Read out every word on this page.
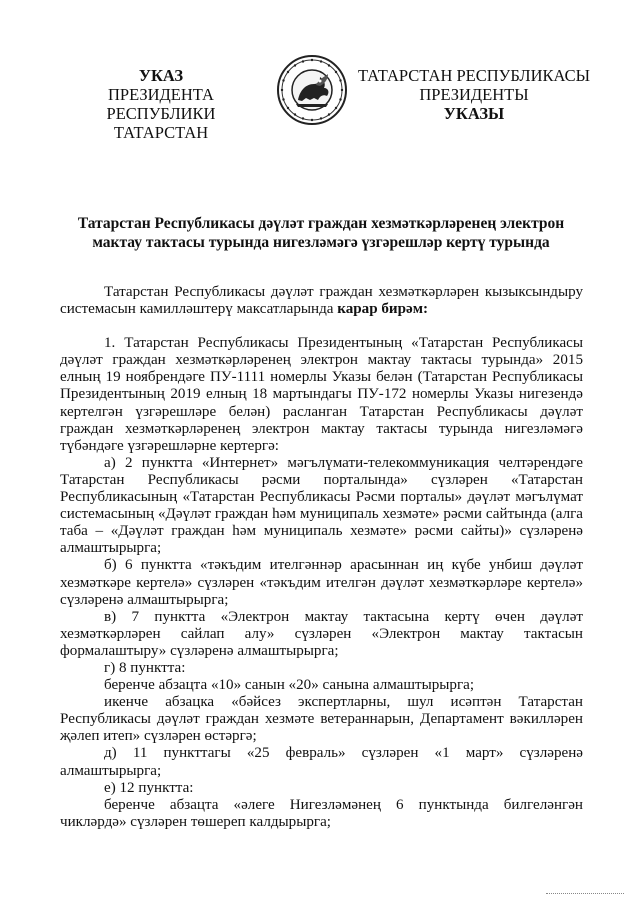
УКАЗ
ПРЕЗИДЕНТА
РЕСПУБЛИКИ ТАТАРСТАН
ТАТАРСТАН РЕСПУБЛИКАСЫ
ПРЕЗИДЕНТЫ
УКАЗЫ
Татарстан Республикасы дәүләт граждан хезмәткәрләренең электрон
мактау тактасы турында нигезләмәгә үзгәрешләр кертү турында

Татарстан Республикасы дәүләт граждан хезмәткәрләрен кызыксындыру системасын камилләштерү максатларында карар бирәм:

1. Татарстан Республикасы Президентының «Татарстан Республикасы дәүләт граждан хезмәткәрләренең электрон мактау тактасы турында» 2015 елның 19 ноябрендәге ПУ-1111 номерлы Указы белән (Татарстан Республикасы Президентының 2019 елның 18 мартындагы ПУ-172 номерлы Указы нигезендә кертелгән үзгәрешләре белән) расланган Татарстан Республикасы дәүләт граждан хезмәткәрләренең электрон мактау тактасы турында нигезләмәгә түбәндәге үзгәрешләрне кертергә:

а) 2 пунктта «Интернет» мәгълүмати-телекоммуникация челтәрендәге Татарстан Республикасы рәсми порталында» сүзләрен «Татарстан Республикасының «Татарстан Республикасы Рәсми порталы» дәүләт мәгълүмат системасының «Дәүләт граждан һәм муниципаль хезмәте» рәсми сайтында (алга таба – «Дәүләт граждан һәм муниципаль хезмәте» рәсми сайты)» сүзләренә алмаштырырга;

б) 6 пунктта «тәкъдим ителгәннәр арасыннан иң күбе унбиш дәүләт хезмәткәре кертелә» сүзләрен «тәкъдим ителгән дәүләт хезмәткәрләре кертелә» сүзләренә алмаштырырга;

в) 7 пунктта «Электрон мактау тактасына кертү өчен дәүләт хезмәткәрләрен сайлап алу» сүзләрен «Электрон мактау тактасын формалаштыру» сүзләренә алмаштырырга;

г) 8 пунктта:

беренче абзацта «10» санын «20» санына алмаштырырга;

икенче абзацка «бәйсез экспертларны, шул исәптән Татарстан Республикасы дәүләт граждан хезмәте ветераннарын, Департамент вәкилләрен җәлеп итеп» сүзләрен өстәргә;

д) 11 пункттагы «25 февраль» сүзләрен «1 март» сүзләренә алмаштырырга;

е) 12 пунктта:

беренче абзацта «әлеге Нигезләмәнең 6 пунктында билгеләнгән чикләрдә» сүзләрен төшереп калдырырга;
